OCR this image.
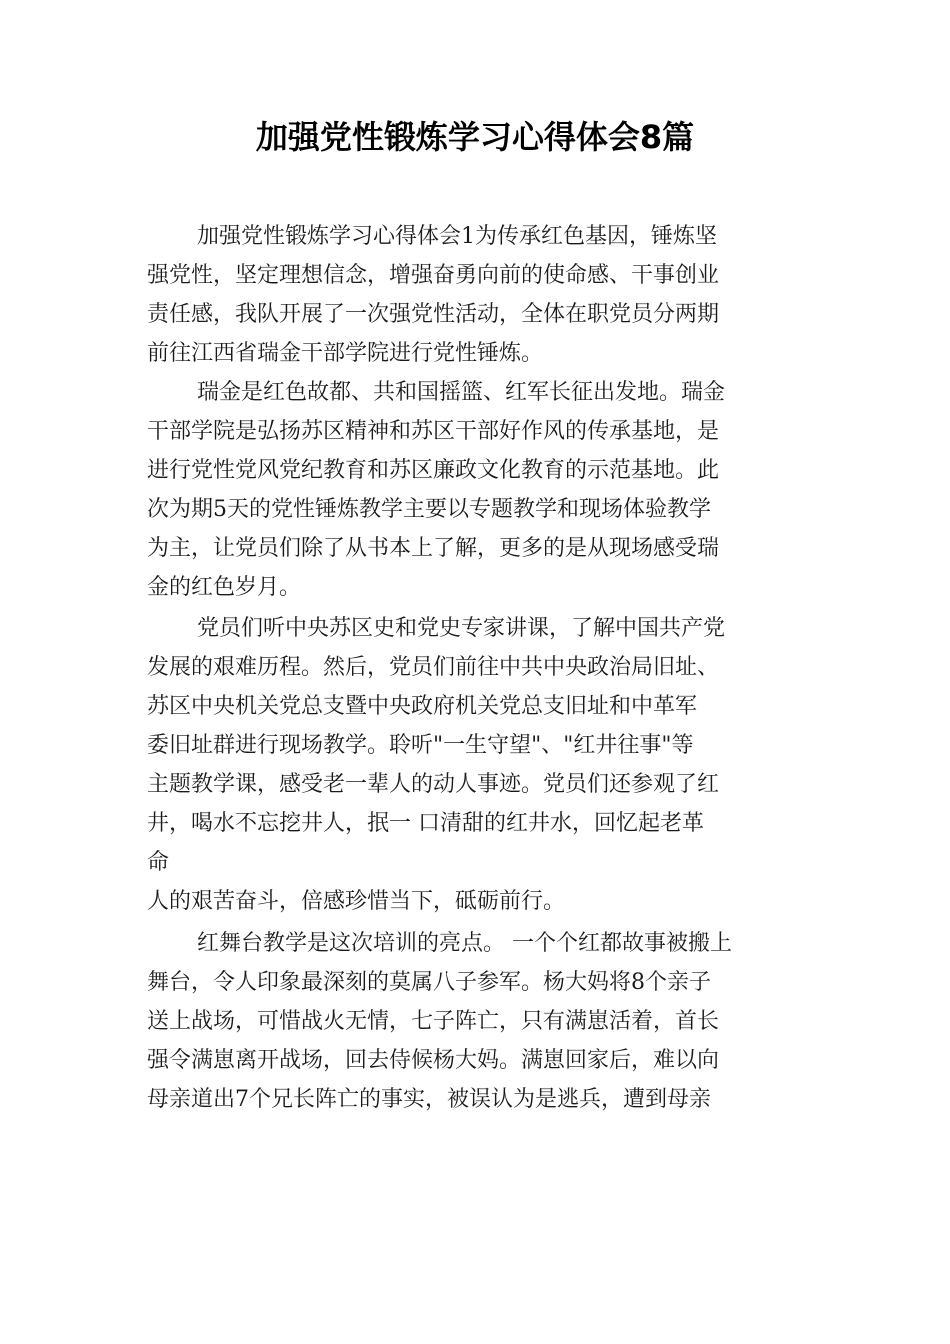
加强党性锻炼学习心得体会8篇
加强党性锻炼学习心得体会1为传承红色基因，锤炼坚
强党性，坚定理想信念，增强奋勇向前的使命感、干事创业
责任感，我队开展了一次强党性活动，全体在职党员分两期
前往江西省瑞金干部学院进行党性锤炼。
瑞金是红色故都、共和国摇篮、红军长征出发地。瑞金
干部学院是弘扬苏区精神和苏区干部好作风的传承基地，是
进行党性党风党纪教育和苏区廉政文化教育的示范基地。此
次为期5天的党性锤炼教学主要以专题教学和现场体验教学
为主，让党员们除了从书本上了解，更多的是从现场感受瑞
金的红色岁月。
党员们听中央苏区史和党史专家讲课，了解中国共产党
发展的艰难历程。然后，党员们前往中共中央政治局旧址、
苏区中央机关党总支暨中央政府机关党总支旧址和中革军
委旧址群进行现场教学。聆听"一生守望"、"红井往事"等
主题教学课，感受老一辈人的动人事迹。党员们还参观了红
井，喝水不忘挖井人，抿一 口清甜的红井水，回忆起老革
命
人的艰苦奋斗，倍感珍惜当下，砥砺前行。
红舞台教学是这次培训的亮点。 一个个红都故事被搬上
舞台，令人印象最深刻的莫属八子参军。杨大妈将8个亲子
送上战场，可惜战火无情，七子阵亡，只有满崽活着，首长
强令满崽离开战场，回去侍候杨大妈。满崽回家后，难以向
母亲道出7个兄长阵亡的事实，被误认为是逃兵，遭到母亲
